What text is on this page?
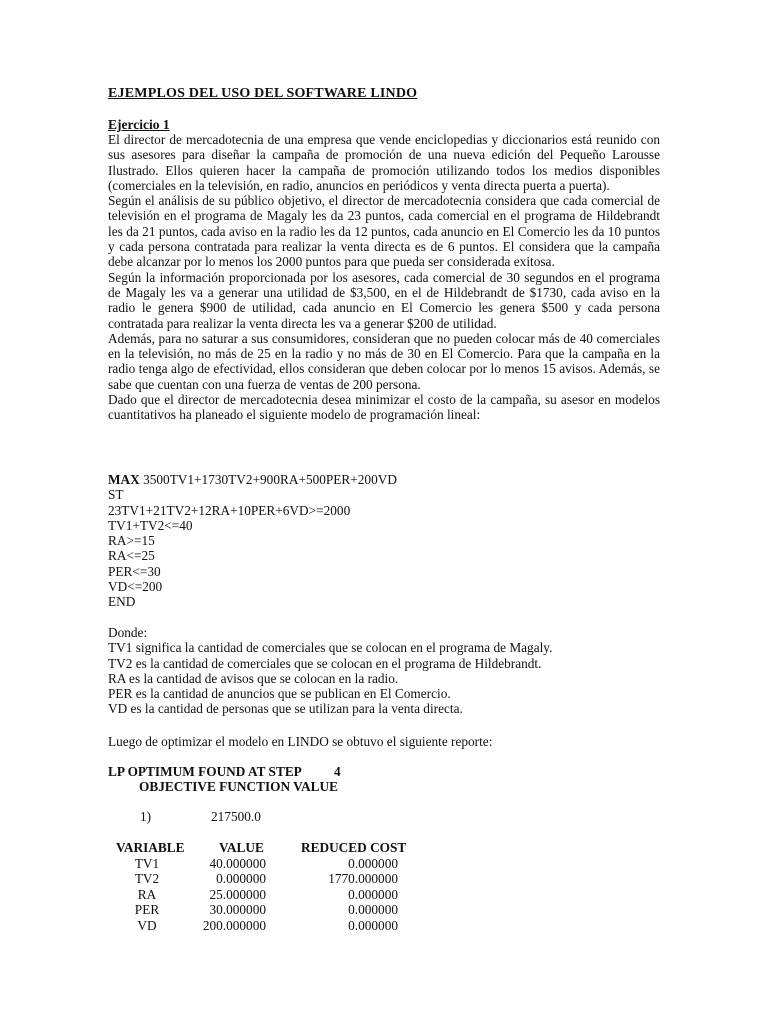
EJEMPLOS DEL USO DEL SOFTWARE LINDO
Ejercicio 1

El director de mercadotecnia de una empresa que vende enciclopedias y diccionarios está reunido con sus asesores para diseñar la campaña de promoción de una nueva edición del Pequeño Larousse Ilustrado. Ellos quieren hacer la campaña de promoción utilizando todos los medios disponibles (comerciales en la televisión, en radio, anuncios en periódicos y venta directa puerta a puerta).

Según el análisis de su público objetivo, el director de mercadotecnia considera que cada comercial de televisión en el programa de Magaly les da 23 puntos, cada comercial en el programa de Hildebrandt les da 21 puntos, cada aviso en la radio les da 12 puntos, cada anuncio en El Comercio les da 10 puntos y cada persona contratada para realizar la venta directa es de 6 puntos. El considera que la campaña debe alcanzar por lo menos los 2000 puntos para que pueda ser considerada exitosa.

Según la información proporcionada por los asesores, cada comercial de 30 segundos en el programa de Magaly les va a generar una utilidad de $3,500, en el de Hildebrandt de $1730, cada aviso en la radio le genera $900 de utilidad, cada anuncio en El Comercio les genera $500 y cada persona contratada para realizar la venta directa les va a generar $200 de utilidad.

Además, para no saturar a sus consumidores, consideran que no pueden colocar más de 40 comerciales en la televisión, no más de 25 en la radio y no más de 30 en El Comercio. Para que la campaña en la radio tenga algo de efectividad, ellos consideran que deben colocar por lo menos 15 avisos. Además, se sabe que cuentan con una fuerza de ventas de 200 persona.

Dado que el director de mercadotecnia desea minimizar el costo de la campaña, su asesor en modelos cuantitativos ha planeado el siguiente modelo de programación lineal:

MAX 3500TV1+1730TV2+900RA+500PER+200VD
ST
23TV1+21TV2+12RA+10PER+6VD>=2000
TV1+TV2<=40
RA>=15
RA<=25
PER<=30
VD<=200
END
Donde:
TV1 significa la cantidad de comerciales que se colocan en el programa de Magaly.
TV2 es la cantidad de comerciales que se colocan en el programa de Hildebrandt.
RA es la cantidad de avisos que se colocan en la radio.
PER es la cantidad de anuncios que se publican en El Comercio.
VD es la cantidad de personas que se utilizan para la venta directa.
Luego de optimizar el modelo en LINDO se obtuvo el siguiente reporte:
LP OPTIMUM FOUND AT STEP 4
OBJECTIVE FUNCTION VALUE
1)	217500.0
VARIABLE	VALUE	REDUCED COST
TV1	40.000000	0.000000
TV2	0.000000	1770.000000
RA	25.000000	0.000000
PER	30.000000	0.000000
VD	200.000000	0.000000
